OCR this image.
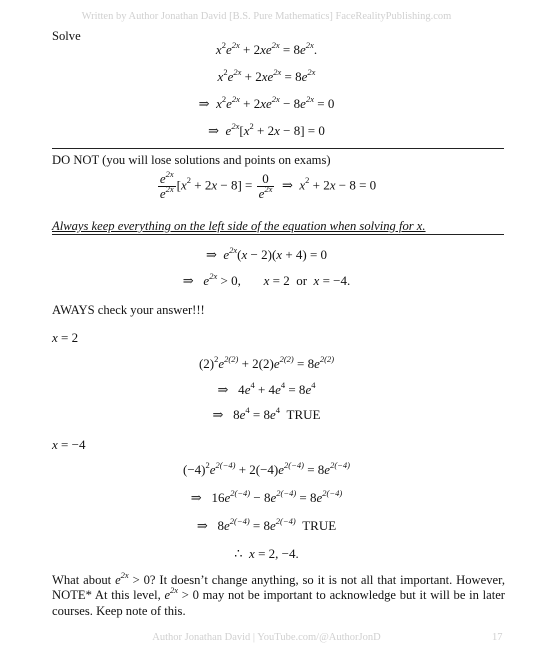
Written by Author Jonathan David [B.S. Pure Mathematics] FaceRealityPublishing.com
Solve
$x^2e^{2x} + 2xe^{2x} = 8e^{2x}$.
$x^2e^{2x} + 2xe^{2x} = 8e^{2x}$
⇒  $x^2e^{2x} + 2xe^{2x} - 8e^{2x} = 0$
⇒  $e^{2x}[x^2 + 2x - 8] = 0$
DO NOT (you will lose solutions and points on exams)
$\frac{e^{2x}}{e^{2x}} [x^2 + 2x - 8] = \frac{0}{e^{2x}}$ ⇒  $x^2 + 2x - 8 = 0$
Always keep everything on the left side of the equation when solving for x.
⇒  $e^{2x}(x - 2)(x + 4) = 0$
⇒   $e^{2x} > 0$,       x = 2  or  x = −4.
AWAYS check your answer!!!
x = 2
$(2)^2e^{2(2)} + 2(2)e^{2(2)} = 8e^{2(2)}$
⇒   $4e^4 + 4e^4 = 8e^4$
⇒   $8e^4 = 8e^4$ TRUE
x = −4
$(-4)^2e^{2(-4)} + 2(-4)e^{2(-4)} = 8e^{2(-4)}$
⇒   $16e^{2(-4)} - 8e^{2(-4)} = 8e^{2(-4)}$
⇒   $8e^{2(-4)} = 8e^{2(-4)}$ TRUE
∴  x = 2, −4.
What about $e^{2x} > 0$? It doesn’t change anything, so it is not all that important. However, NOTE* At this level, $e^{2x} > 0$ may not be important to acknowledge but it will be in later courses. Keep note of this.
Author Jonathan David | YouTube.com/@AuthorJonD	17
